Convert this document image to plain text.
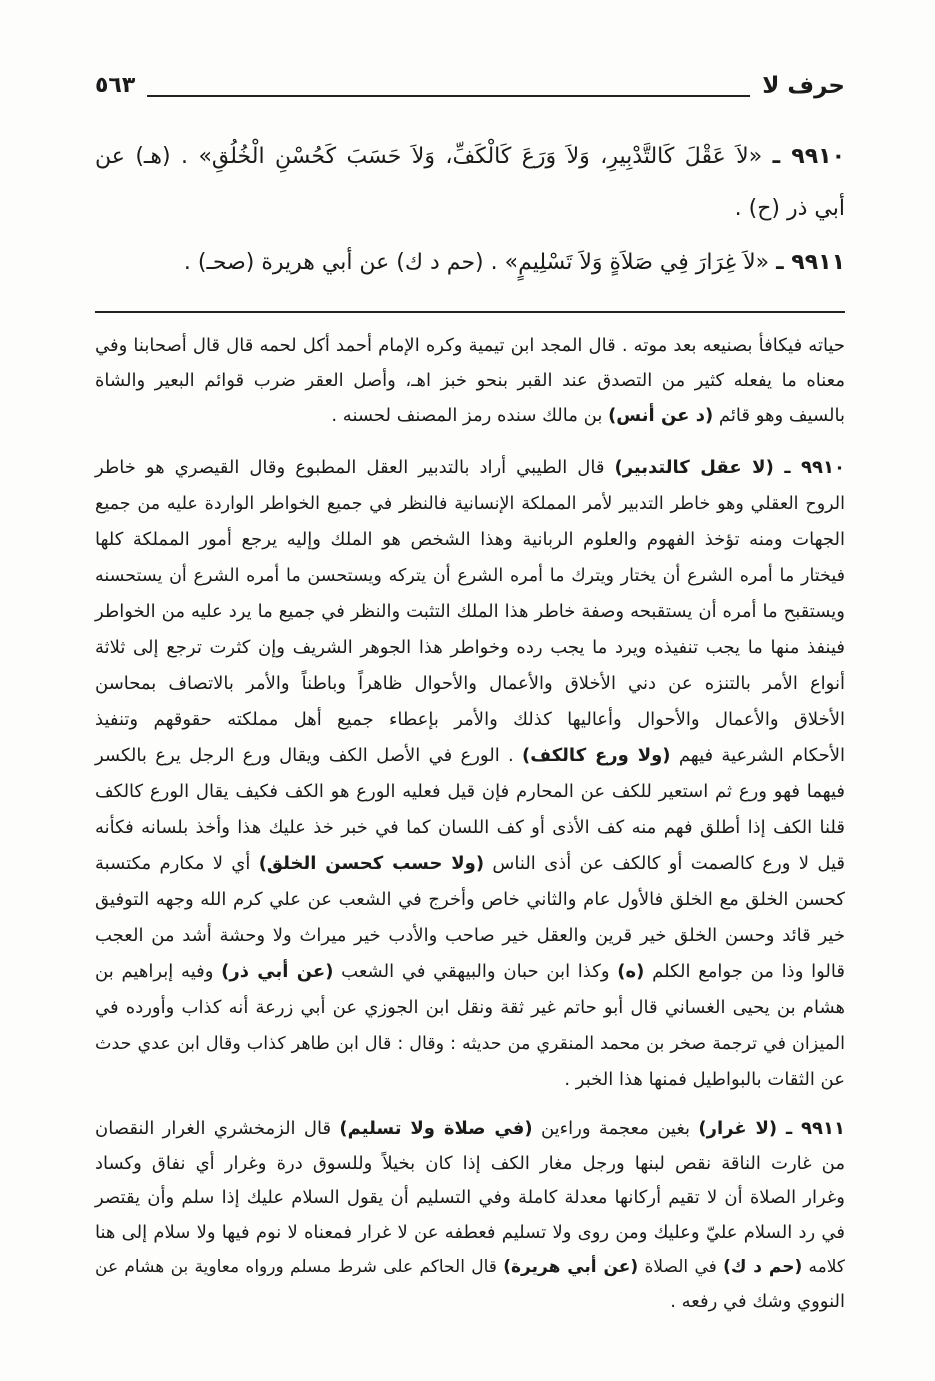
حرف لا
٥٦٣
٩٩١٠ ـ «لاَ عَقْلَ كَالتَّدْبِيرِ، وَلاَ وَرَعَ كَالْكَفِّ، وَلاَ حَسَبَ كَحُسْنِ الْخُلُقِ» . (هـ) عن
أبي ذر (ح) .
٩٩١١ ـ «لاَ غِرَارَ فِي صَلاَةٍ وَلاَ تَسْلِيمٍ» . (حم د ك) عن أبي هريرة (صحـ) .
حياته فيكافأ بصنيعه بعد موته . قال المجد ابن تيمية وكره الإمام أحمد أكل لحمه قال قال أصحابنا وفي
معناه ما يفعله كثير من التصدق عند القبر بنحو خبز اهـ، وأصل العقر ضرب قوائم البعير والشاة
بالسيف وهو قائم (د عن أنس) بن مالك سنده رمز المصنف لحسنه .
٩٩١٠ ـ (لا عقل كالتدبير) قال الطيبي أراد بالتدبير العقل المطبوع وقال القيصري هو خاطر
الروح العقلي وهو خاطر التدبير لأمر المملكة الإنسانية فالنظر في جميع الخواطر الواردة عليه من جميع
الجهات ومنه تؤخذ الفهوم والعلوم الربانية وهذا الشخص هو الملك وإليه يرجع أمور المملكة كلها
فيختار ما أمره الشرع أن يختار ويترك ما أمره الشرع أن يتركه ويستحسن ما أمره الشرع أن يستحسنه
ويستقبح ما أمره أن يستقبحه وصفة خاطر هذا الملك التثبت والنظر في جميع ما يرد عليه من الخواطر
فينفذ منها ما يجب تنفيذه ويرد ما يجب رده وخواطر هذا الجوهر الشريف وإن كثرت ترجع إلى ثلاثة
أنواع الأمر بالتنزه عن دني الأخلاق والأعمال والأحوال ظاهراً وباطناً والأمر بالاتصاف بمحاسن
الأخلاق والأعمال والأحوال وأعاليها كذلك والأمر بإعطاء جميع أهل مملكته حقوقهم وتنفيذ
الأحكام الشرعية فيهم (ولا ورع كالكف) . الورع في الأصل الكف ويقال ورع الرجل يرع بالكسر
فيهما فهو ورع ثم استعير للكف عن المحارم فإن قيل فعليه الورع هو الكف فكيف يقال الورع كالكف
قلنا الكف إذا أطلق فهم منه كف الأذى أو كف اللسان كما في خبر خذ عليك هذا وأخذ بلسانه فكأنه
قيل لا ورع كالصمت أو كالكف عن أذى الناس (ولا حسب كحسن الخلق) أي لا مكارم مكتسبة
كحسن الخلق مع الخلق فالأول عام والثاني خاص وأخرج في الشعب عن علي كرم الله وجهه التوفيق
خير قائد وحسن الخلق خير قرين والعقل خير صاحب والأدب خير ميراث ولا وحشة أشد من العجب
قالوا وذا من جوامع الكلم (ه) وكذا ابن حبان والبيهقي في الشعب (عن أبي ذر) وفيه إبراهيم بن
هشام بن يحيى الغساني قال أبو حاتم غير ثقة ونقل ابن الجوزي عن أبي زرعة أنه كذاب وأورده في
الميزان في ترجمة صخر بن محمد المنقري من حديثه : وقال : قال ابن طاهر كذاب وقال ابن عدي حدث
عن الثقات بالبواطيل فمنها هذا الخبر .
٩٩١١ ـ (لا غرار) بغين معجمة وراءين (في صلاة ولا تسليم) قال الزمخشري الغرار النقصان
من غارت الناقة نقص لبنها ورجل مغار الكف إذا كان بخيلاً وللسوق درة وغرار أي نفاق وكساد
وغرار الصلاة أن لا تقيم أركانها معدلة كاملة وفي التسليم أن يقول السلام عليك إذا سلم وأن يقتصر
في رد السلام عليّ وعليك ومن روى ولا تسليم فعطفه عن لا غرار فمعناه لا نوم فيها ولا سلام إلى هنا
كلامه (حم د ك) في الصلاة (عن أبي هريرة) قال الحاكم على شرط مسلم ورواه معاوية بن هشام عن
النووي وشك في رفعه .
